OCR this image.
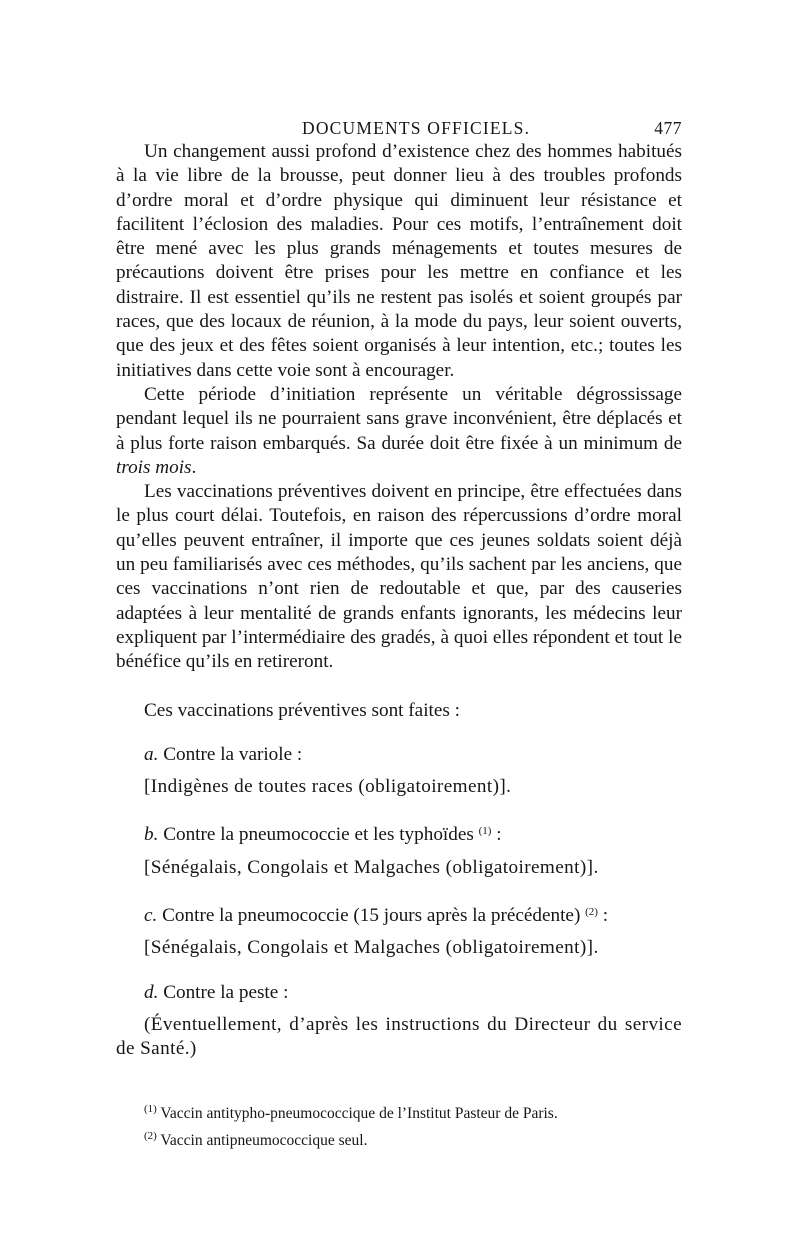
DOCUMENTS OFFICIELS.	477

Un changement aussi profond d’existence chez des hommes habitués à la vie libre de la brousse, peut donner lieu à des troubles profonds d’ordre moral et d’ordre physique qui diminuent leur résistance et facilitent l’éclosion des maladies. Pour ces motifs, l’entraînement doit être mené avec les plus grands ménagements et toutes mesures de précautions doivent être prises pour les mettre en confiance et les distraire. Il est essentiel qu’ils ne restent pas isolés et soient groupés par races, que des locaux de réunion, à la mode du pays, leur soient ouverts, que des jeux et des fêtes soient organisés à leur intention, etc.; toutes les initiatives dans cette voie sont à encourager.

Cette période d’initiation représente un véritable dégrossissage pendant lequel ils ne pourraient sans grave inconvénient, être déplacés et à plus forte raison embarqués. Sa durée doit être fixée à un minimum de trois mois.

Les vaccinations préventives doivent en principe, être effectuées dans le plus court délai. Toutefois, en raison des répercussions d’ordre moral qu’elles peuvent entraîner, il importe que ces jeunes soldats soient déjà un peu familiarisés avec ces méthodes, qu’ils sachent par les anciens, que ces vaccinations n’ont rien de redoutable et que, par des causeries adaptées à leur mentalité de grands enfants ignorants, les médecins leur expliquent par l’intermédiaire des gradés, à quoi elles répondent et tout le bénéfice qu’ils en retireront.

Ces vaccinations préventives sont faites :

a. Contre la variole :

[Indigènes de toutes races (obligatoirement)].

b. Contre la pneumococcie et les typhoïdes $^{(1)}$ :

[Sénégalais, Congolais et Malgaches (obligatoirement)].

c. Contre la pneumococcie (15 jours après la précédente) $^{(2)}$ :

[Sénégalais, Congolais et Malgaches (obligatoirement)].

d. Contre la peste :

(Éventuellement, d’après les instructions du Directeur du service de Santé.)

$^{(1)}$ Vaccin antitypho-pneumococcique de l’Institut Pasteur de Paris.

$^{(2)}$ Vaccin antipneumococcique seul.
